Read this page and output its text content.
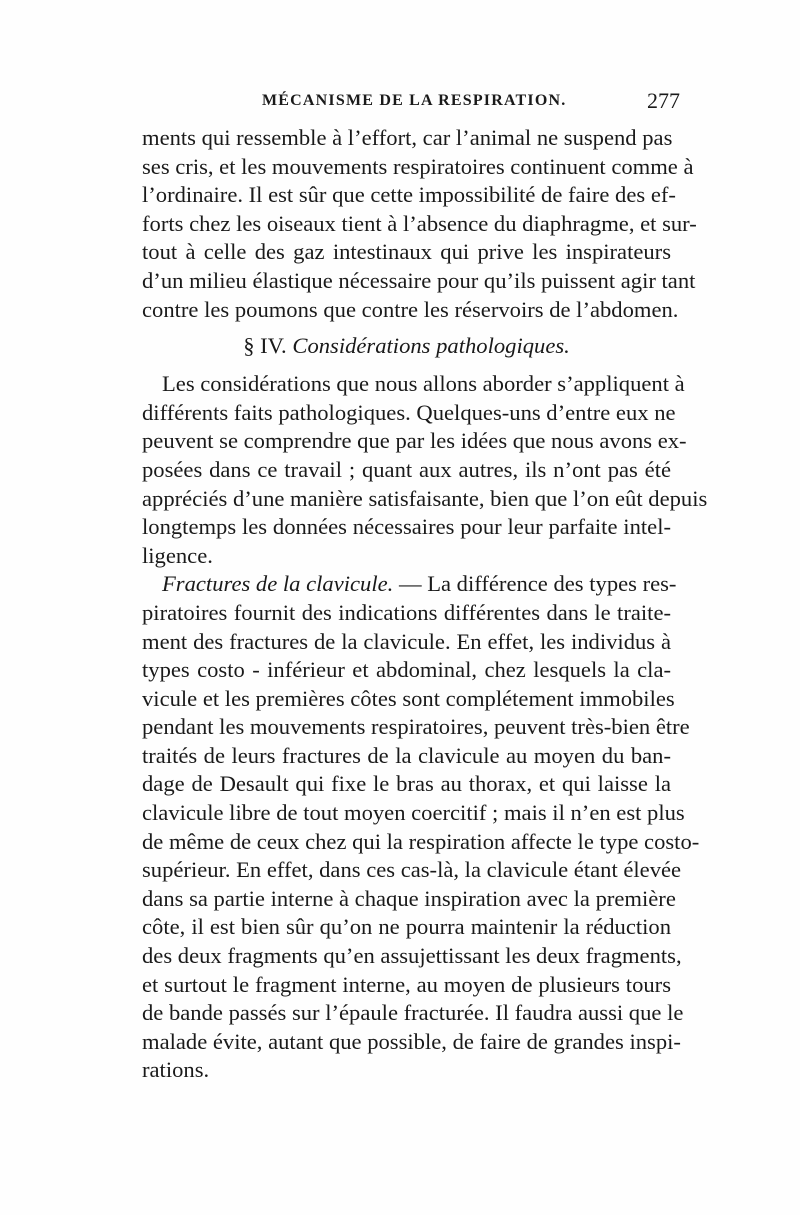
MÉCANISME DE LA RESPIRATION.	277
ments qui ressemble à l’effort, car l’animal ne suspend pas
ses cris, et les mouvements respiratoires continuent comme à
l’ordinaire. Il est sûr que cette impossibilité de faire des ef-
forts chez les oiseaux tient à l’absence du diaphragme, et sur-
tout à celle des gaz intestinaux qui prive les inspirateurs
d’un milieu élastique nécessaire pour qu’ils puissent agir tant
contre les poumons que contre les réservoirs de l’abdomen.
§ IV. Considérations pathologiques.
Les considérations que nous allons aborder s’appliquent à
différents faits pathologiques. Quelques-uns d’entre eux ne
peuvent se comprendre que par les idées que nous avons ex-
posées dans ce travail ; quant aux autres, ils n’ont pas été
appréciés d’une manière satisfaisante, bien que l’on eût depuis
longtemps les données nécessaires pour leur parfaite intel-
ligence.
Fractures de la clavicule. — La différence des types res-
piratoires fournit des indications différentes dans le traite-
ment des fractures de la clavicule. En effet, les individus à
types costo - inférieur et abdominal, chez lesquels la cla-
vicule et les premières côtes sont complétement immobiles
pendant les mouvements respiratoires, peuvent très-bien être
traités de leurs fractures de la clavicule au moyen du ban-
dage de Desault qui fixe le bras au thorax, et qui laisse la
clavicule libre de tout moyen coercitif ; mais il n’en est plus
de même de ceux chez qui la respiration affecte le type costo-
supérieur. En effet, dans ces cas-là, la clavicule étant élevée
dans sa partie interne à chaque inspiration avec la première
côte, il est bien sûr qu’on ne pourra maintenir la réduction
des deux fragments qu’en assujettissant les deux fragments,
et surtout le fragment interne, au moyen de plusieurs tours
de bande passés sur l’épaule fracturée. Il faudra aussi que le
malade évite, autant que possible, de faire de grandes inspi-
rations.
